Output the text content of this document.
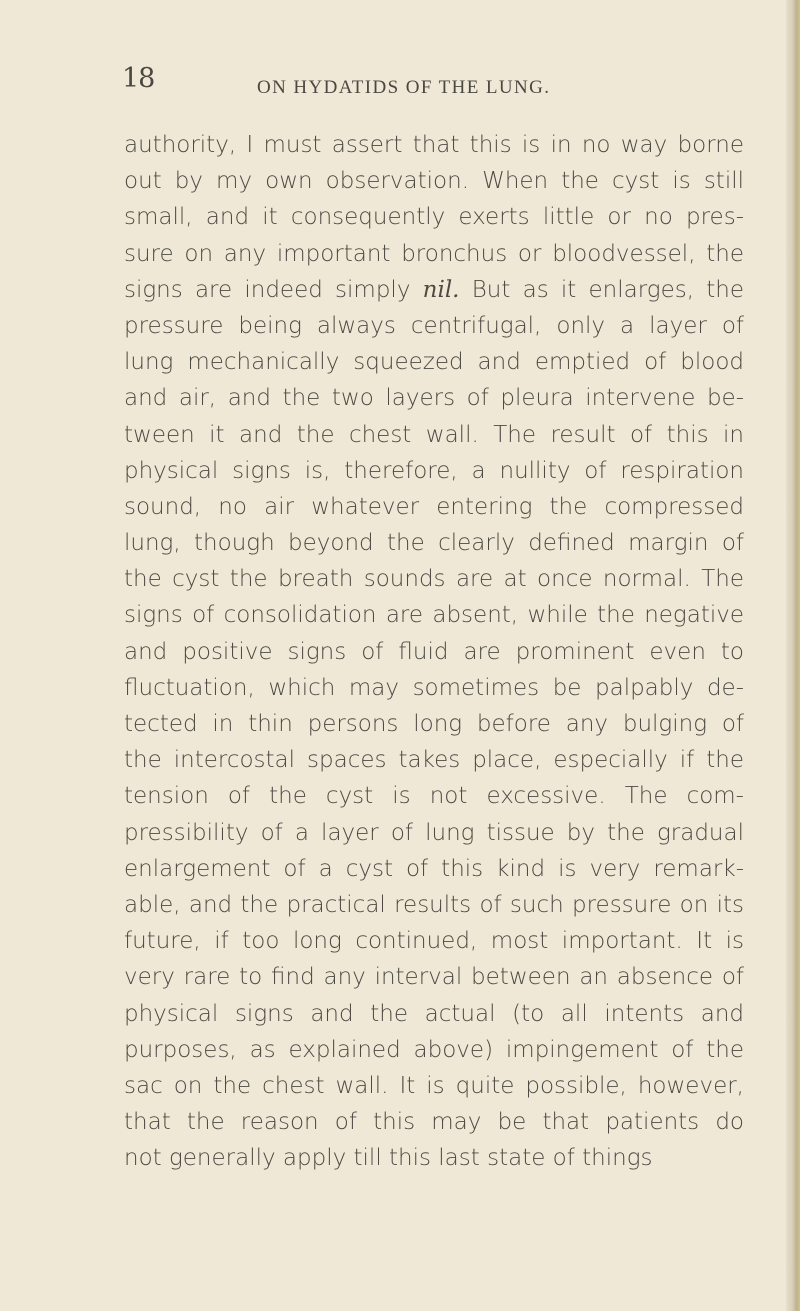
18	ON HYDATIDS OF THE LUNG.
authority, I must assert that this is in no way borne
out by my own observation. When the cyst is still
small, and it consequently exerts little or no pres-
sure on any important bronchus or bloodvessel, the
signs are indeed simply nil. But as it enlarges, the
pressure being always centrifugal, only a layer of
lung mechanically squeezed and emptied of blood
and air, and the two layers of pleura intervene be-
tween it and the chest wall. The result of this in
physical signs is, therefore, a nullity of respiration
sound, no air whatever entering the compressed
lung, though beyond the clearly defined margin of
the cyst the breath sounds are at once normal. The
signs of consolidation are absent, while the negative
and positive signs of fluid are prominent even to
fluctuation, which may sometimes be palpably de-
tected in thin persons long before any bulging of
the intercostal spaces takes place, especially if the
tension of the cyst is not excessive. The com-
pressibility of a layer of lung tissue by the gradual
enlargement of a cyst of this kind is very remark-
able, and the practical results of such pressure on its
future, if too long continued, most important. It is
very rare to find any interval between an absence of
physical signs and the actual (to all intents and
purposes, as explained above) impingement of the
sac on the chest wall. It is quite possible, however,
that the reason of this may be that patients do
not generally apply till this last state of things
